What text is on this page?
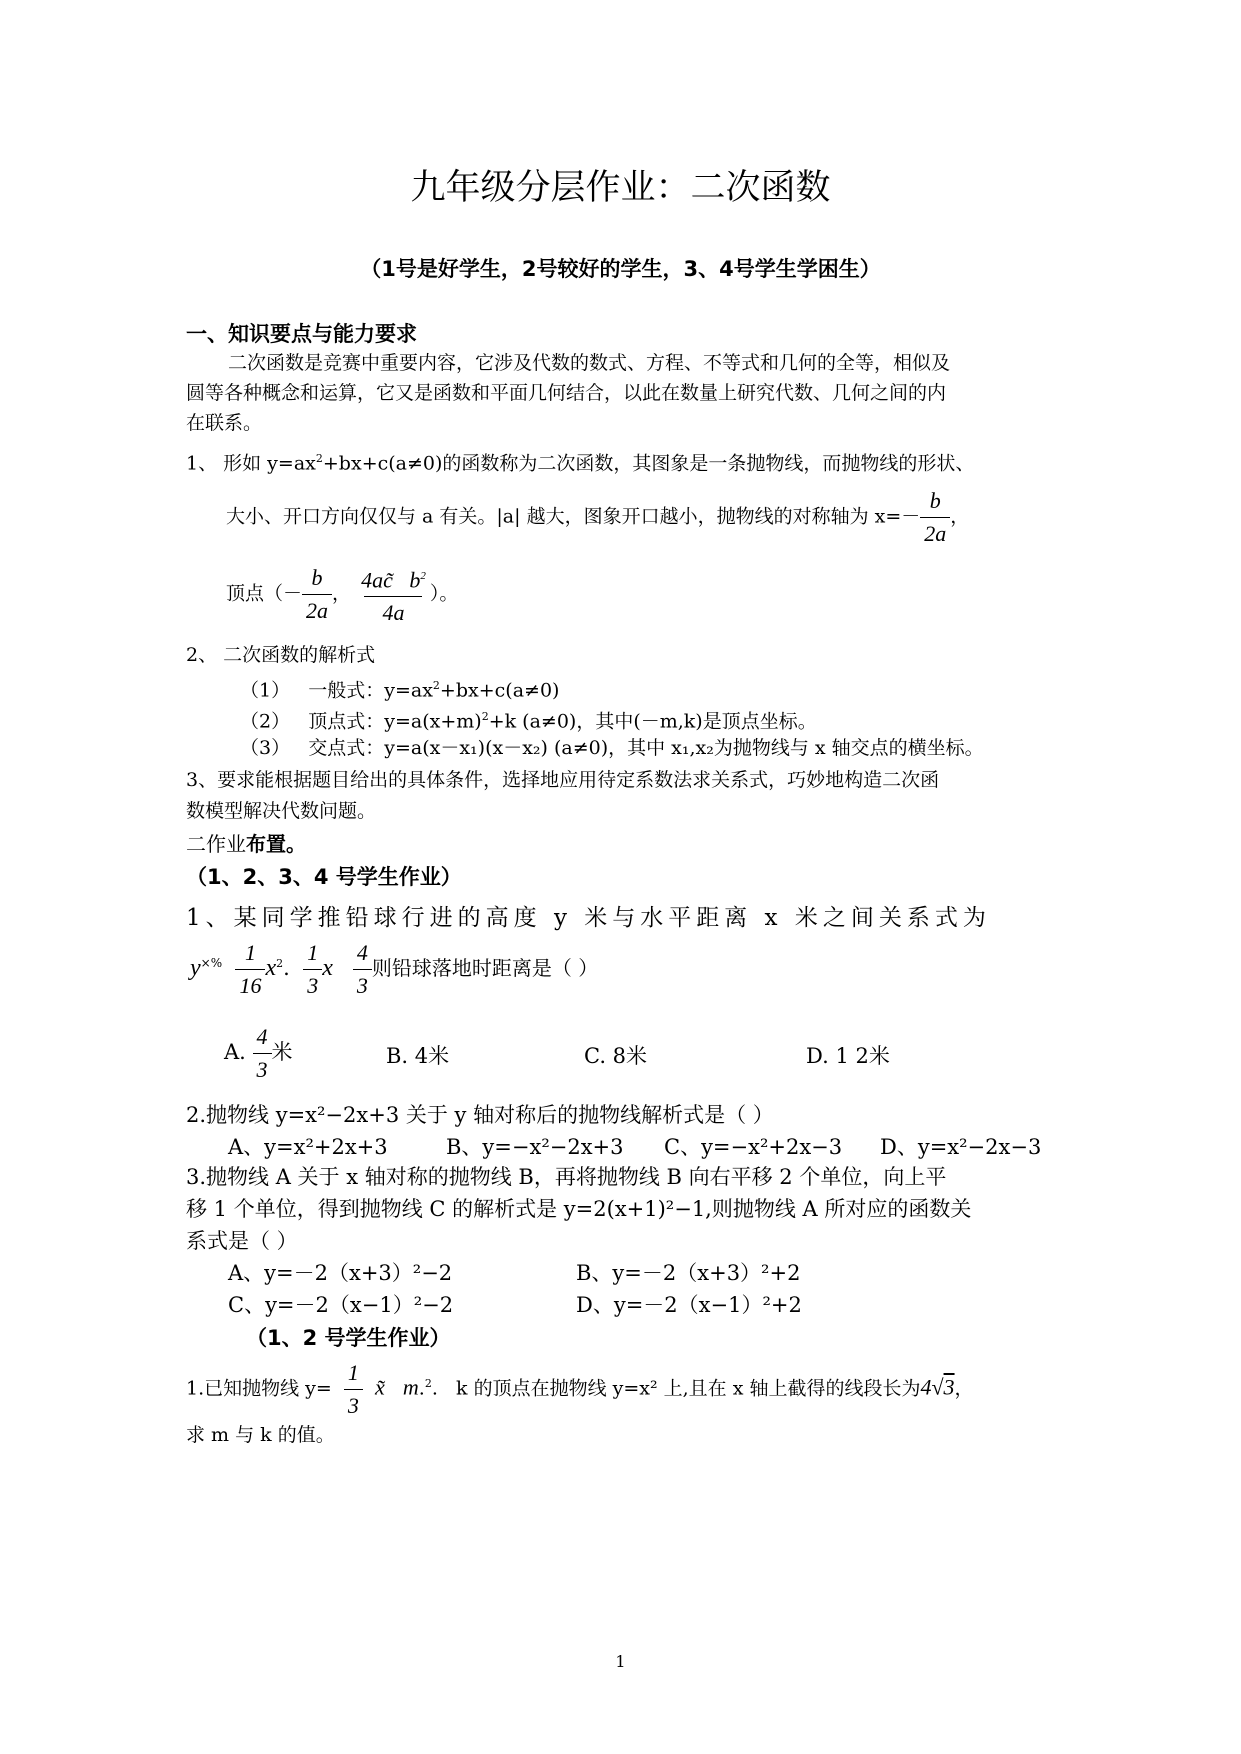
九年级分层作业：二次函数
（1号是好学生，2号较好的学生，3、4号学生学困生）
一、知识要点与能力要求
二次函数是竞赛中重要内容，它涉及代数的数式、方程、不等式和几何的全等，相似及
圆等各种概念和运算，它又是函数和平面几何结合，以此在数量上研究代数、几何之间的内
在联系。
1、 形如 $y=ax^2+bx+c(a\ne 0)$的函数称为二次函数，其图象是一条抛物线，而抛物线的形状、
大小、开口方向仅仅与 a 有关。|a| 越大，图象开口越小，抛物线的对称轴为 $x=- \frac{b}{2a}$ ，
顶点（－ $\frac{b}{2a}$ ， $\frac{4ac̃ b^2}{4a}$ ）。
2、 二次函数的解析式
（1） 一般式：$y=ax^2+bx+c(a\ne 0)$
（2） 顶点式：$y=a(x+m)^2+k$ (a≠0)，其中(－m,k)是顶点坐标。
（3） 交点式：y=a(x－x₁)(x－x₂) (a≠0)，其中 x₁,x₂为抛物线与 x 轴交点的横坐标。
3、要求能根据题目给出的具体条件，选择地应用待定系数法求关系式，巧妙地构造二次函
数模型解决代数问题。
二作业布置。
（1、2、3、4 号学生作业）
1、某同学推铅球行进的高度 y 米与水平距离 x 米之间关系式为
$y^{\times\%} \frac{1}{16} x^2$. $\frac{1}{3}$ x $\frac{4}{3}$ 则铅球落地时距离是（ ）
A. $\frac{4}{3}$ 米	B. 4米	C. 8米	D. 1 2米
2.抛物线 y=x²−2x+3 关于 y 轴对称后的抛物线解析式是（ ）
A、y=x²+2x+3	B、y=−x²−2x+3 C、y=−x²+2x−3 D、y=x²−2x−3
3.抛物线 A 关于 x 轴对称的抛物线 B，再将抛物线 B 向右平移 2 个单位，向上平
移 1 个单位，得到抛物线 C 的解析式是 y=2(x+1)²−1,则抛物线 A 所对应的函数关
系式是（ ）
A、y=－2（x+3）²−2	B、y=－2（x+3）²+2
C、y=－2（x−1）²−2	D、y=－2（x−1）²+2
（1、2 号学生作业）
1.已知抛物线 $y= \frac{1}{3}$ x̃ m.$^2$. k 的顶点在抛物线 y=x² 上,且在 x 轴上截得的线段长为4√3，
求 m 与 k 的值。
1
